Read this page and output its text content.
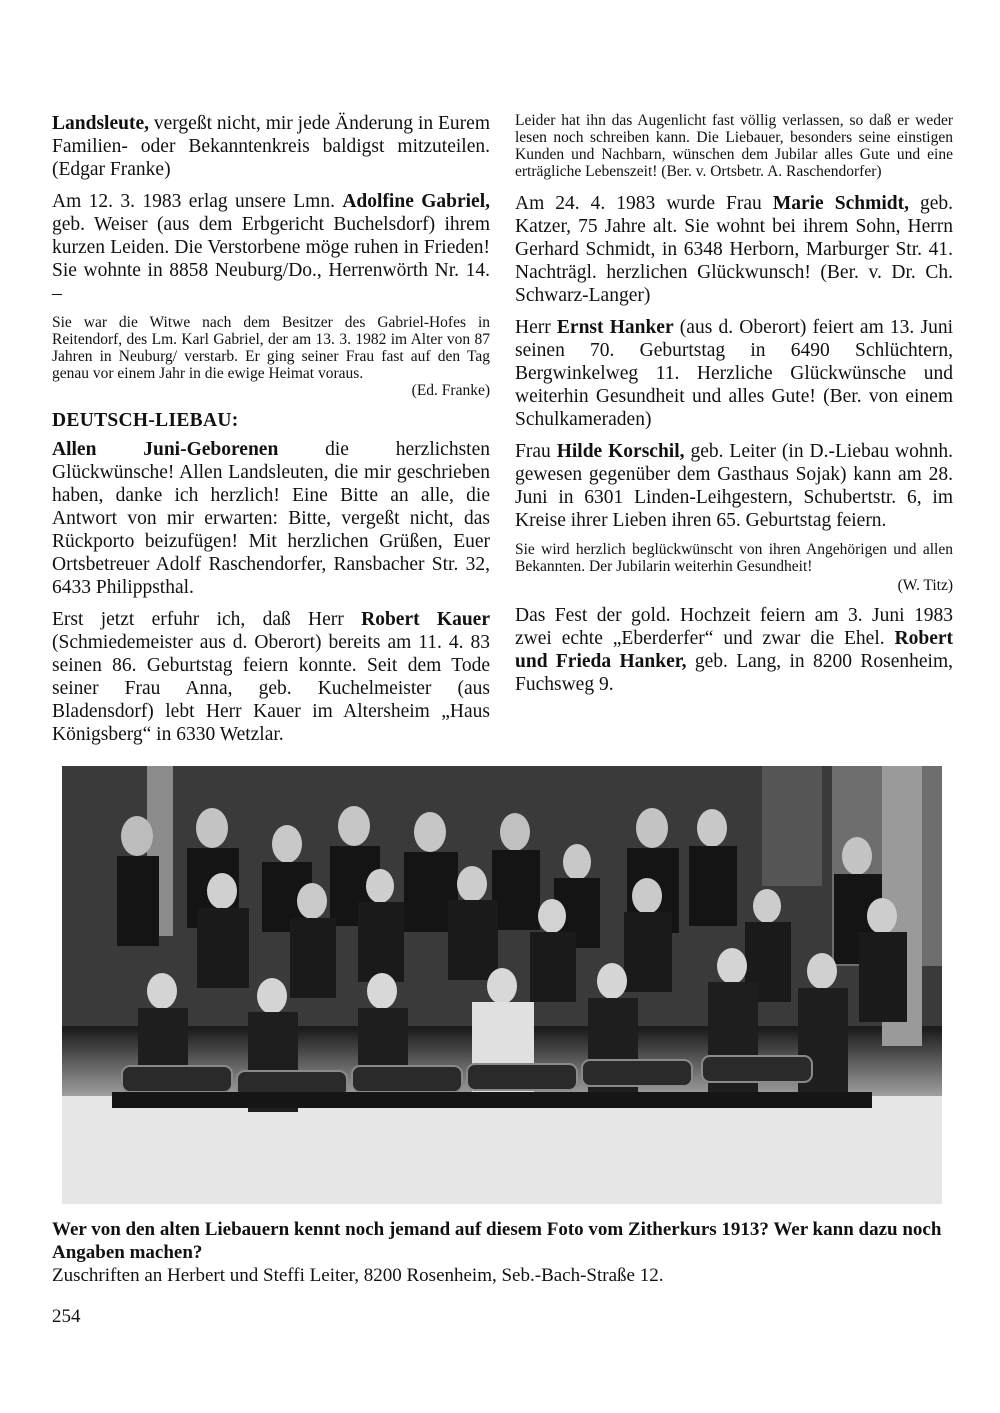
Landsleute, vergeßt nicht, mir jede Änderung in Eurem Familien- oder Bekanntenkreis baldigst mitzuteilen. (Edgar Franke)

Am 12. 3. 1983 erlag unsere Lmn. Adolfine Gabriel, geb. Weiser (aus dem Erbgericht Buchelsdorf) ihrem kurzen Leiden. Die Verstorbene möge ruhen in Frieden! Sie wohnte in 8858 Neuburg/Do., Herrenwörth Nr. 14. –

Sie war die Witwe nach dem Besitzer des Gabriel-Hofes in Reitendorf, des Lm. Karl Gabriel, der am 13. 3. 1982 im Alter von 87 Jahren in Neuburg/ verstarb. Er ging seiner Frau fast auf den Tag genau vor einem Jahr in die ewige Heimat voraus.

(Ed. Franke)

DEUTSCH-LIEBAU:

Allen Juni-Geborenen die herzlichsten Glückwünsche! Allen Landsleuten, die mir geschrieben haben, danke ich herzlich! Eine Bitte an alle, die Antwort von mir erwarten: Bitte, vergeßt nicht, das Rückporto beizufügen! Mit herzlichen Grüßen, Euer Ortsbetreuer Adolf Raschendorfer, Ransbacher Str. 32, 6433 Philippsthal.

Erst jetzt erfuhr ich, daß Herr Robert Kauer (Schmiedemeister aus d. Oberort) bereits am 11. 4. 83 seinen 86. Geburtstag feiern konnte. Seit dem Tode seiner Frau Anna, geb. Kuchelmeister (aus Bladensdorf) lebt Herr Kauer im Altersheim „Haus Königsberg“ in 6330 Wetzlar.

Leider hat ihn das Augenlicht fast völlig verlassen, so daß er weder lesen noch schreiben kann. Die Liebauer, besonders seine einstigen Kunden und Nachbarn, wünschen dem Jubilar alles Gute und eine erträgliche Lebenszeit! (Ber. v. Ortsbetr. A. Raschendorfer)

Am 24. 4. 1983 wurde Frau Marie Schmidt, geb. Katzer, 75 Jahre alt. Sie wohnt bei ihrem Sohn, Herrn Gerhard Schmidt, in 6348 Herborn, Marburger Str. 41. Nachträgl. herzlichen Glückwunsch! (Ber. v. Dr. Ch. Schwarz-Langer)

Herr Ernst Hanker (aus d. Oberort) feiert am 13. Juni seinen 70. Geburtstag in 6490 Schlüchtern, Bergwinkelweg 11. Herzliche Glückwünsche und weiterhin Gesundheit und alles Gute! (Ber. von einem Schulkameraden)

Frau Hilde Korschil, geb. Leiter (in D.-Liebau wohnh. gewesen gegenüber dem Gasthaus Sojak) kann am 28. Juni in 6301 Linden-Leihgestern, Schubertstr. 6, im Kreise ihrer Lieben ihren 65. Geburtstag feiern.

Sie wird herzlich beglückwünscht von ihren Angehörigen und allen Bekannten. Der Jubilarin weiterhin Gesundheit!

(W. Titz)

Das Fest der gold. Hochzeit feiern am 3. Juni 1983 zwei echte „Eberderfer“ und zwar die Ehel. Robert und Frieda Hanker, geb. Lang, in 8200 Rosenheim, Fuchsweg 9.

Wer von den alten Liebauern kennt noch jemand auf diesem Foto vom Zitherkurs 1913? Wer kann dazu noch Angaben machen?
Zuschriften an Herbert und Steffi Leiter, 8200 Rosenheim, Seb.-Bach-Straße 12.
254
